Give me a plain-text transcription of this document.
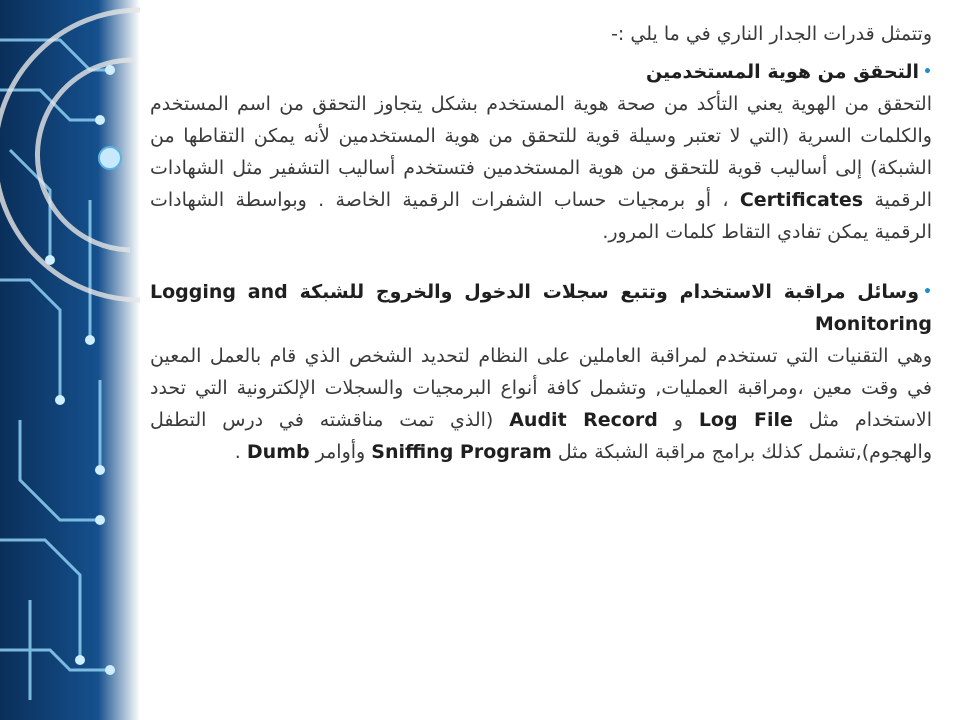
وتتمثل قدرات الجدار الناري في ما يلي :-

•التحقق من هوية المستخدمين

التحقق من الهوية يعني التأكد من صحة هوية المستخدم بشكل يتجاوز التحقق من اسم المستخدم والكلمات السرية (التي لا تعتبر وسيلة قوية للتحقق من هوية المستخدمين لأنه يمكن التقاطها من الشبكة) إلى أساليب قوية للتحقق من هوية المستخدمين فتستخدم أساليب التشفير مثل الشهادات الرقمية Certificates ، أو برمجيات حساب الشفرات الرقمية الخاصة . وبواسطة الشهادات الرقمية يمكن تفادي التقاط كلمات المرور.

•وسائل مراقبة الاستخدام وتتبع سجلات الدخول والخروج للشبكة Logging and Monitoring

وهي التقنيات التي تستخدم لمراقبة العاملين على النظام لتحديد الشخص الذي قام بالعمل المعين في وقت معين ،ومراقبة العمليات, وتشمل كافة أنواع البرمجيات والسجلات الإلكترونية التي تحدد الاستخدام مثل Log File و Audit Record (الذي تمت مناقشته في درس التطفل والهجوم),تشمل كذلك برامج مراقبة الشبكة مثل Sniffing Program وأوامر Dumb .
